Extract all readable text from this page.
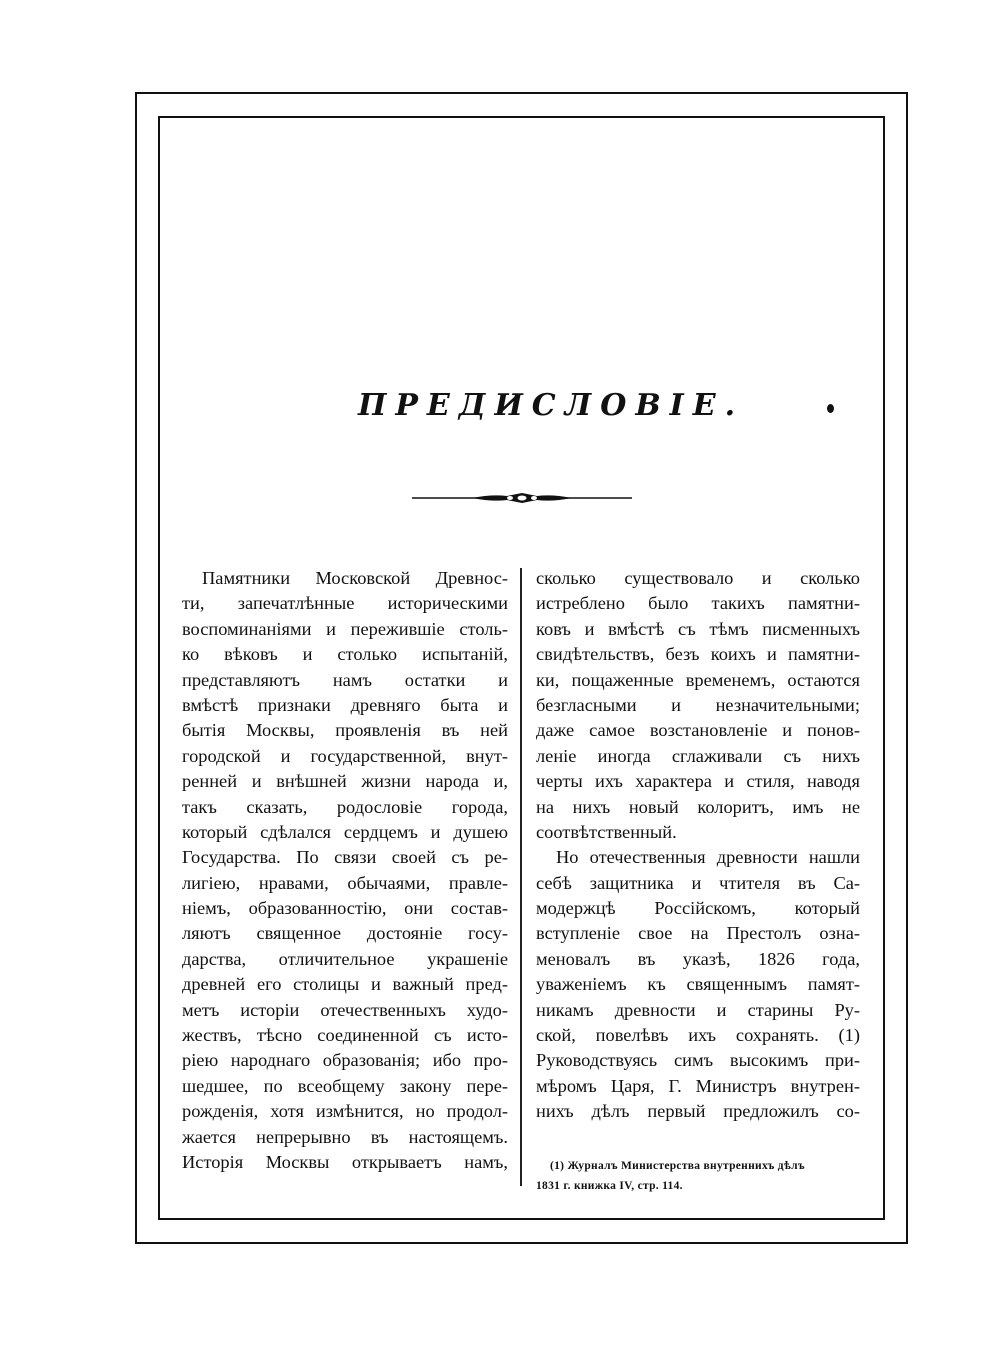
ПРЕДИСЛОВІЕ.
Памятники Московской Древнос-
ти, запечатлѣнные историческими
воспоминаніями и пережившіе столь-
ко вѣковъ и столько испытаній,
представляютъ намъ остатки и
вмѣстѣ признаки древняго быта и
бытія Москвы, проявленія въ ней
городской и государственной, внут-
ренней и внѣшней жизни народа и,
такъ сказать, родословіе города,
который сдѣлался сердцемъ и душею
Государства. По связи своей съ ре-
лигіею, нравами, обычаями, правле-
ніемъ, образованностію, они состав-
ляютъ священное достояніе госу-
дарства, отличительное украшеніе
древней его столицы и важный пред-
метъ исторіи отечественныхъ худо-
жествъ, тѣсно соединенной съ исто-
ріею народнаго образованія; ибо про-
шедшее, по всеобщему закону пере-
рожденія, хотя измѣнится, но продол-
жается непрерывно въ настоящемъ.
Исторія Москвы открываетъ намъ,
сколько существовало и сколько
истреблено было такихъ памятни-
ковъ и вмѣстѣ съ тѣмъ писменныхъ
свидѣтельствъ, безъ коихъ и памятни-
ки, пощаженные временемъ, остаются
безгласными и незначительными;
даже самое возстановленіе и понов-
леніе иногда сглаживали съ нихъ
черты ихъ характера и стиля, наводя
на нихъ новый колоритъ, имъ не
соотвѣтственный.
Но отечественныя древности нашли
себѣ защитника и чтителя въ Са-
модержцѣ Россійскомъ, который
вступленіе свое на Престолъ озна-
меновалъ въ указѣ, 1826 года,
уваженіемъ къ священнымъ памят-
никамъ древности и старины Ру-
ской, повелѣвъ ихъ сохранять. (1)
Руководствуясь симъ высокимъ при-
мѣромъ Царя, Г. Министръ внутрен-
нихъ дѣлъ первый предложилъ со-
(1) Журналъ Министерства внутреннихъ дѣлъ
1831 г. книжка IV, стр. 114.
